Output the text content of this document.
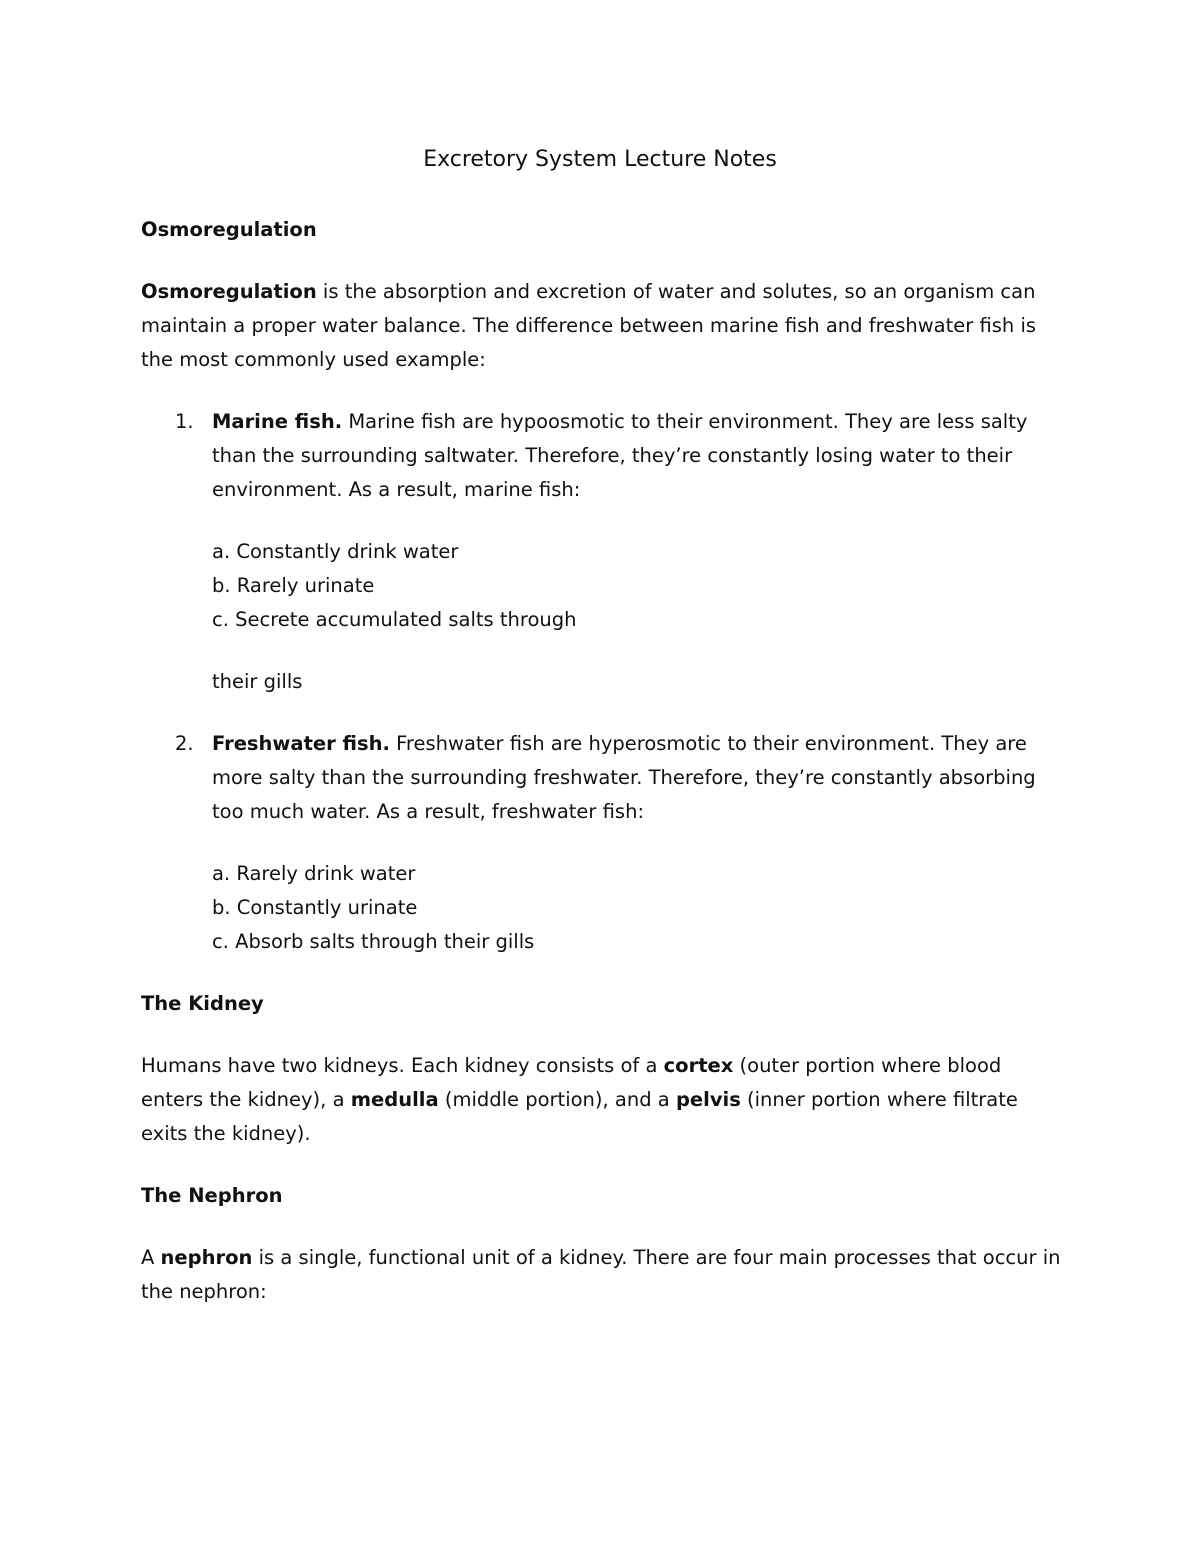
Excretory System Lecture Notes
Osmoregulation

Osmoregulation is the absorption and excretion of water and solutes, so an organism can maintain a proper water balance. The difference between marine fish and freshwater fish is the most commonly used example:

1. Marine fish. Marine fish are hypoosmotic to their environment. They are less salty than the surrounding saltwater. Therefore, they’re constantly losing water to their environment. As a result, marine fish:
a. Constantly drink water
b. Rarely urinate
c. Secrete accumulated salts through
their gills
2. Freshwater fish. Freshwater fish are hyperosmotic to their environment. They are more salty than the surrounding freshwater. Therefore, they’re constantly absorbing too much water. As a result, freshwater fish:
a. Rarely drink water
b. Constantly urinate
c. Absorb salts through their gills
The Kidney

Humans have two kidneys. Each kidney consists of a cortex (outer portion where blood enters the kidney), a medulla (middle portion), and a pelvis (inner portion where filtrate exits the kidney).

The Nephron

A nephron is a single, functional unit of a kidney. There are four main processes that occur in the nephron:
